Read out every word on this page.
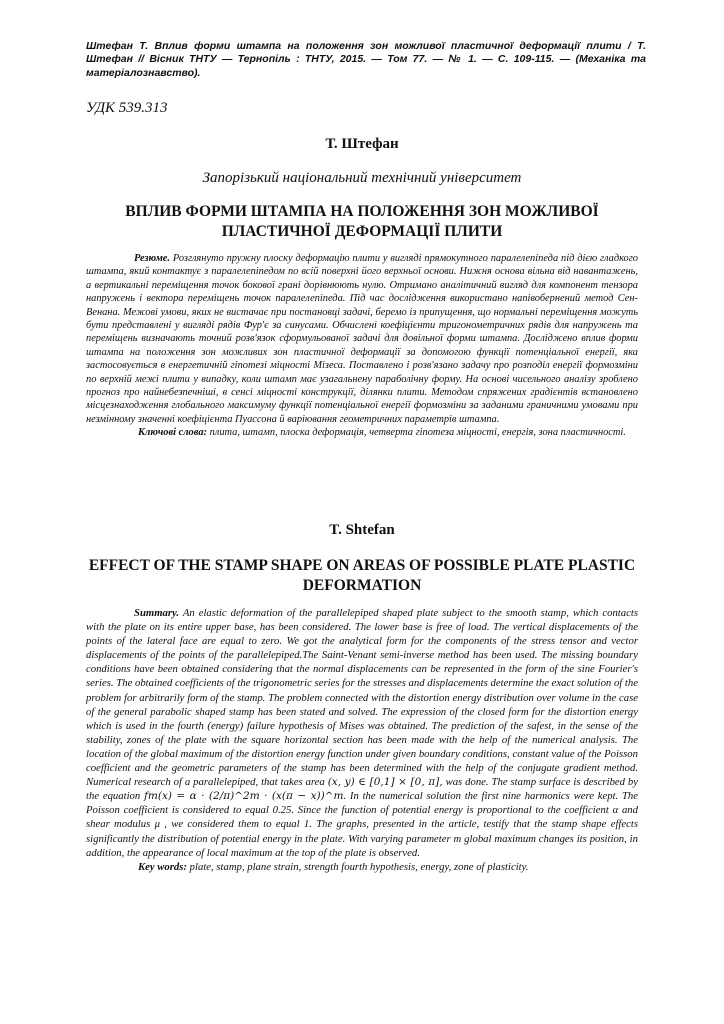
Штефан Т. Вплив форми штампа на положення зон можливої пластичної деформації плити / Т. Штефан // Вісник ТНТУ — Тернопіль : ТНТУ, 2015. — Том 77. — № 1. — С. 109-115. — (Механіка та матеріалознавство).
УДК 539.313
Т. Штефан
Запорізький національний технічний університет
ВПЛИВ ФОРМИ ШТАМПА НА ПОЛОЖЕННЯ ЗОН МОЖЛИВОЇ ПЛАСТИЧНОЇ ДЕФОРМАЦІЇ ПЛИТИ

Резюме. Розглянуто пружну плоску деформацію плити у вигляді прямокутного паралелепіпеда під дією гладкого штампа, який контактує з паралелепіпедом по всій поверхні його верхньої основи. Нижня основа вільна від навантажень, а вертикальні переміщення точок бокової грані дорівнюють нулю. Отримано аналітичний вигляд для компонент тензора напружень і вектора переміщень точок паралелепіпеда. Під час дослідження використано напівобернений метод Сен-Венана. Межові умови, яких не вистачає при постановці задачі, беремо із припущення, що нормальні переміщення можуть бути представлені у вигляді рядів Фур'є за синусами. Обчислені коефіцієнти тригонометричних рядів для напружень та переміщень визначають точний розв'язок сформульованої задачі для довільної форми штампа. Досліджено вплив форми штампа на положення зон можливих зон пластичної деформації за допомогою функції потенціальної енергії, яка застосовується в енергетичній гіпотезі міцності Мізеса. Поставлено і розв'язано задачу про розподіл енергії формозміни по верхній межі плити у випадку, коли штамп має узагальнену параболічну форму. На основі чисельного аналізу зроблено прогноз про найнебезпечніші, в сенсі міцності конструкції, ділянки плити. Методом спряжених градієнтів встановлено місцезнаходження глобального максимуму функції потенціальної енергії формозміни за заданими граничними умовами при незмінному значенні коефіцієнта Пуассона й варіювання геометричних параметрів штампа.
Ключові слова: плита, штамп, плоска деформація, четверта гіпотеза міцності, енергія, зона пластичності.

T. Shtefan
EFFECT OF THE STAMP SHAPE ON AREAS OF POSSIBLE PLATE PLASTIC DEFORMATION

Summary. An elastic deformation of the parallelepiped shaped plate subject to the smooth stamp, which contacts with the plate on its entire upper base, has been considered. The lower base is free of load. The vertical displacements of the points of the lateral face are equal to zero. We got the analytical form for the components of the stress tensor and vector displacements of the points of the parallelepiped.The Saint-Venant semi-inverse method has been used. The missing boundary conditions have been obtained considering that the normal displacements can be represented in the form of the sine Fourier's series. The obtained coefficients of the trigonometric series for the stresses and displacements determine the exact solution of the problem for arbitrarily form of the stamp. The problem connected with the distortion energy distribution over volume in the case of the general parabolic shaped stamp has been stated and solved. The expression of the closed form for the distortion energy which is used in the fourth (energy) failure hypothesis of Mises was obtained. The prediction of the safest, in the sense of the stability, zones of the plate with the square horizontal section has been made with the help of the numerical analysis. The location of the global maximum of the distortion energy function under given boundary conditions, constant value of the Poisson coefficient and the geometric parameters of the stamp has been determined with the help of the conjugate gradient method. Numerical research of a parallelepiped, that takes area (x, y) ∈ [0,1] × [0, π], was done. The stamp surface is described by the equation fm(x) = α · (2/π)^2m · (x(π − x))^m. In the numerical solution the first nine harmonics were kept. The Poisson coefficient is considered to equal 0.25. Since the function of potential energy is proportional to the coefficient α and shear modulus μ , we considered them to equal 1. The graphs, presented in the article, testify that the stamp shape effects significantly the distribution of potential energy in the plate. With varying parameter m global maximum changes its position, in addition, the appearance of local maximum at the top of the plate is observed.
Key words: plate, stamp, plane strain, strength fourth hypothesis, energy, zone of plasticity.
